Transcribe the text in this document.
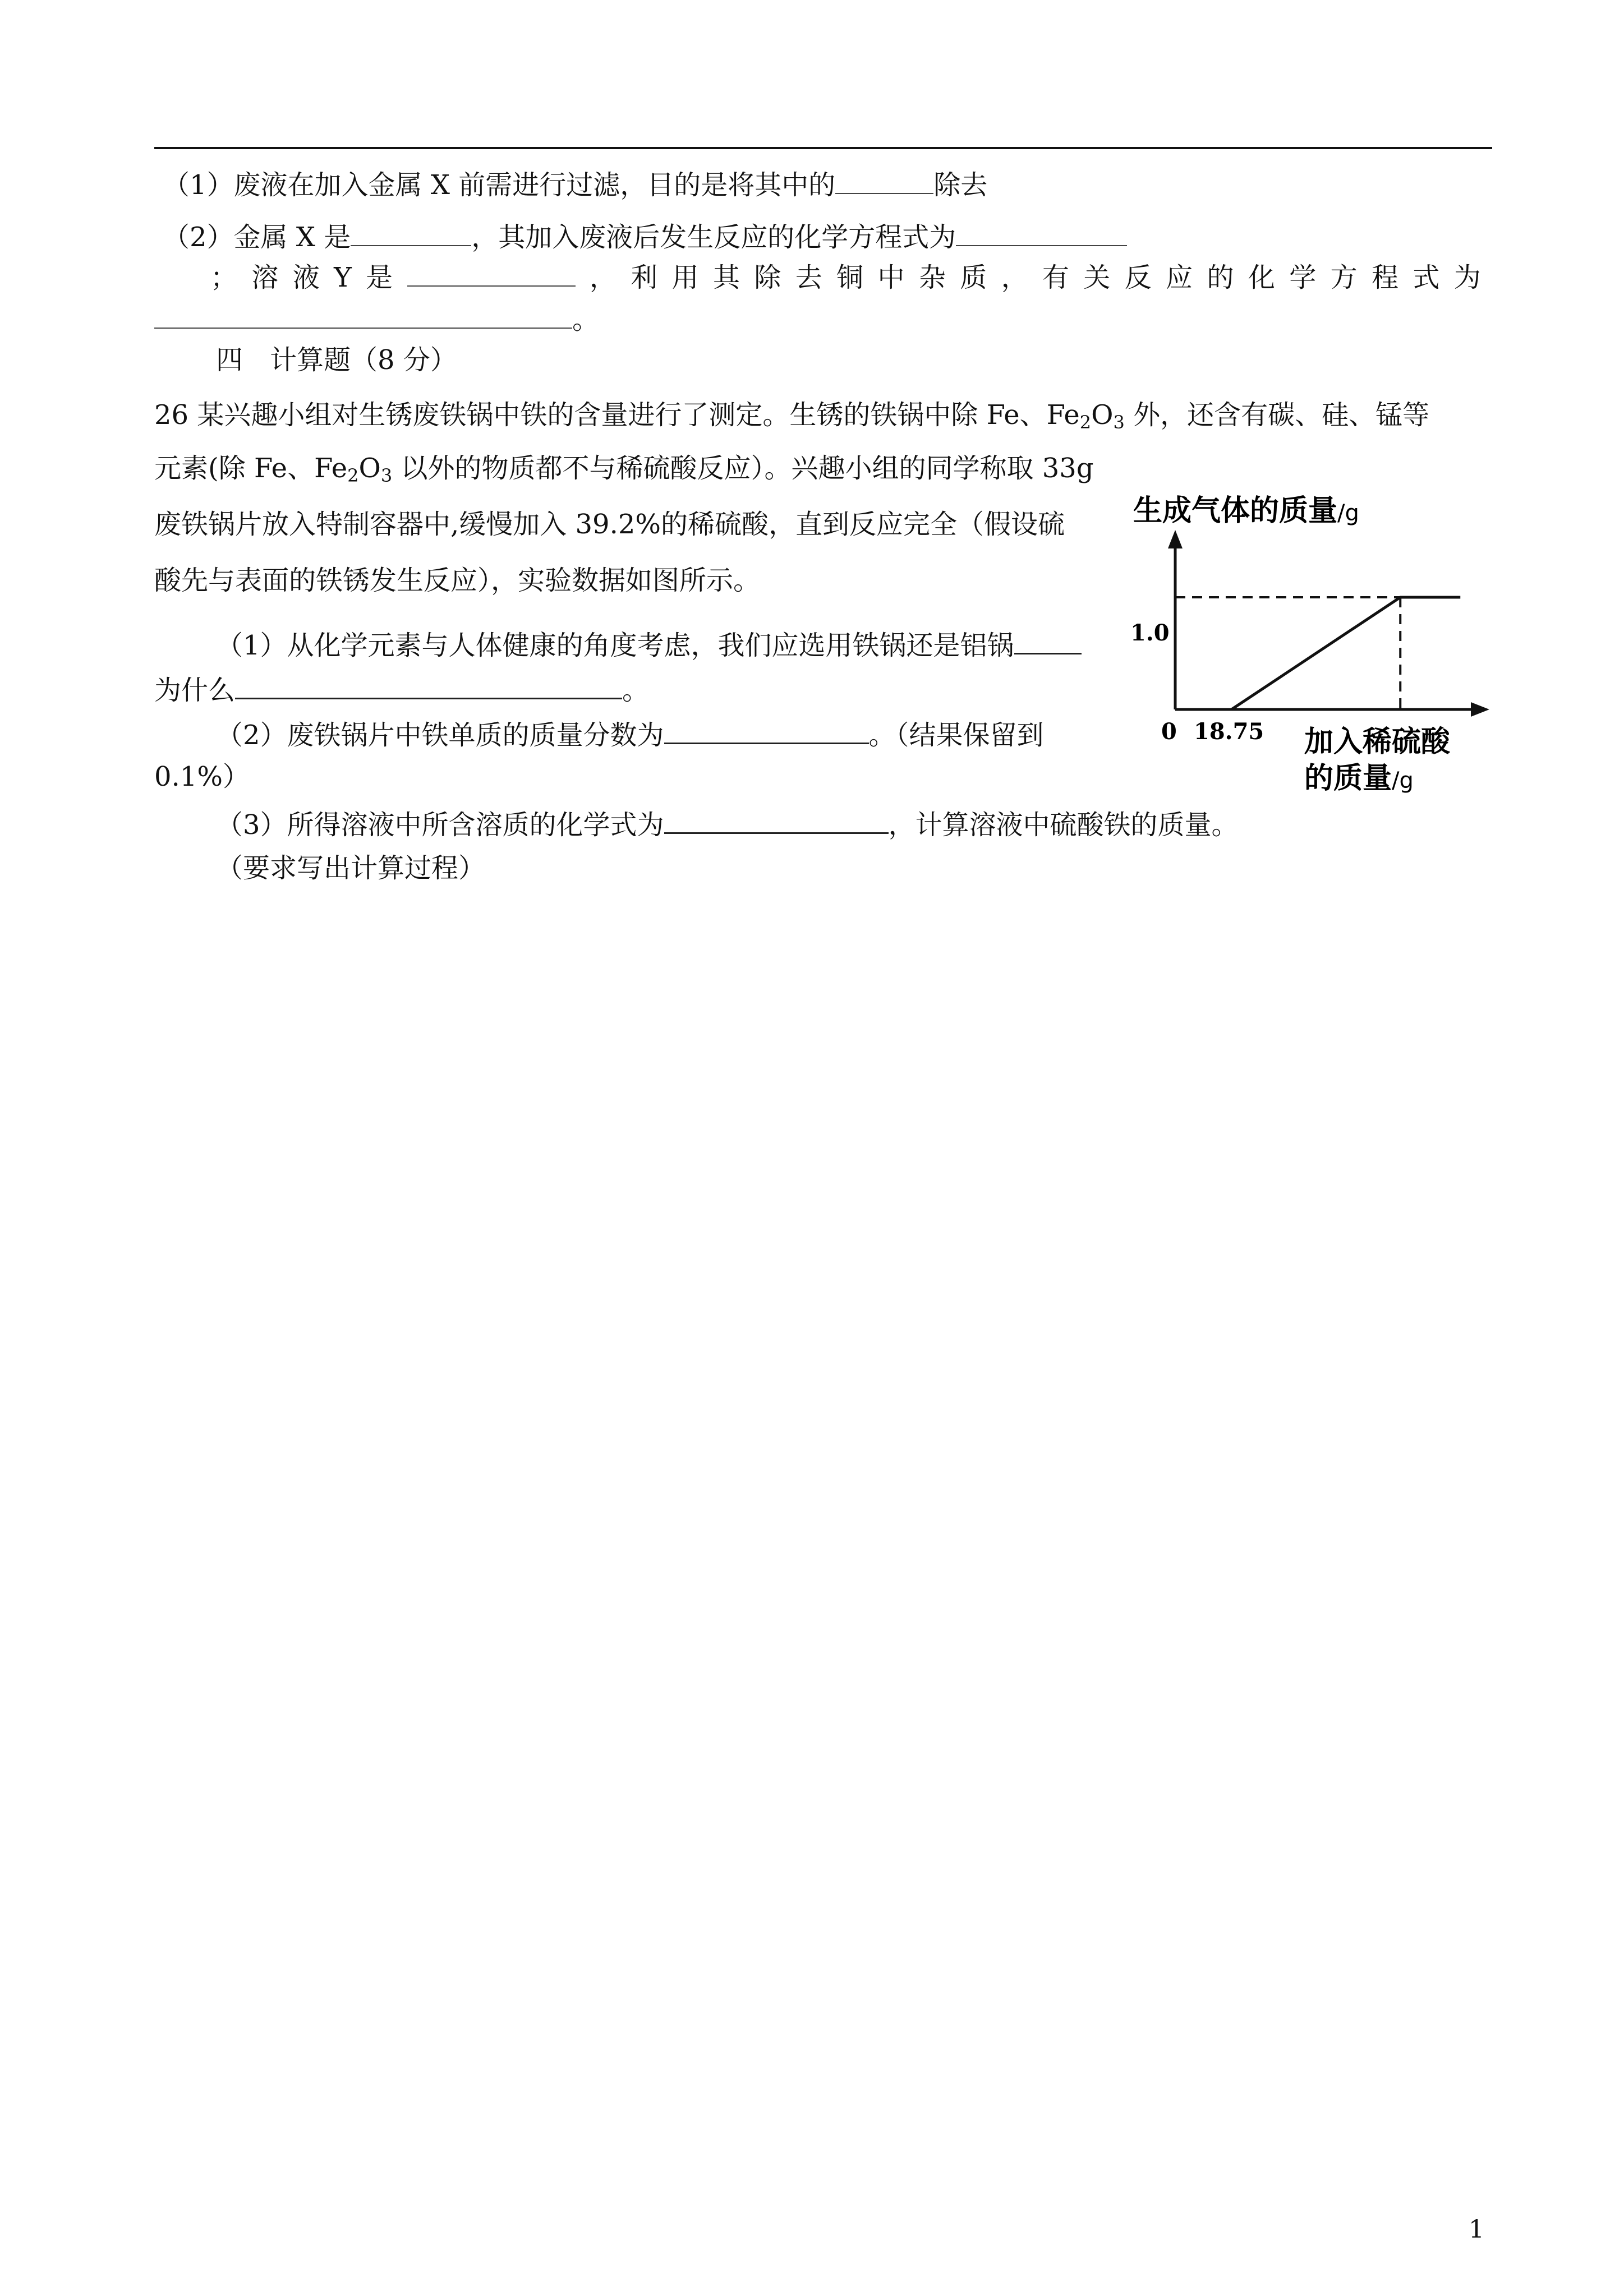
（1）废液在加入金属 X 前需进行过滤，目的是将其中的	除去
（2）金属 X 是	，其加入废液后发生反应的化学方程式为
； 溶 液 Y 是	， 利 用 其 除 去 铜 中 杂 质 ， 有 关 反 应 的 化 学 方 程 式 为
。
四　计算题（8 分）
26 某兴趣小组对生锈废铁锅中铁的含量进行了测定。生锈的铁锅中除 Fe、$Fe_2O_3$ 外，还含有碳、硅、锰等
元素(除 Fe、$Fe_2O_3$ 以外的物质都不与稀硫酸反应）。兴趣小组的同学称取 33g
废铁锅片放入特制容器中,缓慢加入 39.2%的稀硫酸，直到反应完全（假设硫
酸先与表面的铁锈发生反应），实验数据如图所示。
（1）从化学元素与人体健康的角度考虑，我们应选用铁锅还是铝锅
为什么	。
（2）废铁锅片中铁单质的质量分数为	。（结果保留到
0.1%）
（3）所得溶液中所含溶质的化学式为	，计算溶液中硫酸铁的质量。
（要求写出计算过程）
生成气体的质量/g
1.0
0 18.75 加入稀硫酸
的质量/g
1
